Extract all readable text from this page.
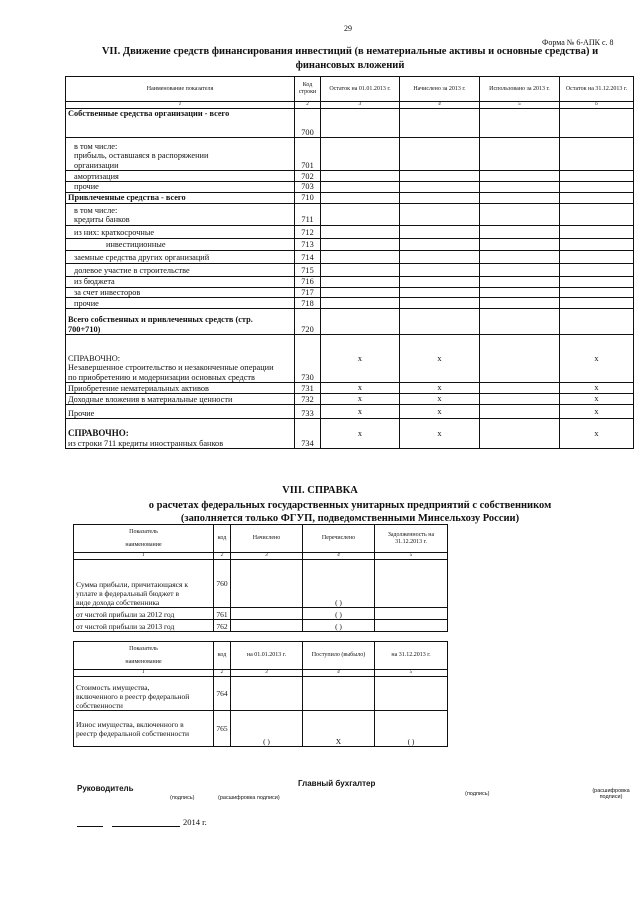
29
Форма № 6-АПК с. 8
VII. Движение средств финансирования инвестиций (в нематериальные активы и основные средства) и
финансовых вложений
Наименование показателя	Код строки	Остаток на 01.01.2013 г.	Начислено за 2013 г.	Использовано за 2013 г.	Остаток на 31.12.2013 г.
1	2	3	4	5	6
Собственные средства организации - всего	700				

в том числе:
прибыль, оставшаяся в распоряжении
организации	701				
амортизация	702				
прочие	703				
Привлеченные средства - всего	710				

в том числе:
кредиты банков	711				
из них: краткосрочные	712				
инвестиционные	713				
заемные средства других организаций	714				
долевое участие в строительстве	715				
из бюджета	716				
за счет инвесторов	717				
прочие	718				

Всего собственных и привлеченных средств (стр.
700+710)	720				

СПРАВОЧНО:
Незавершенное строительство и незаконченные операции
по приобретению и модернизации основных средств	730	x	x		x
Приобретение нематериальных активов	731	x	x		x
Доходные вложения в материальные ценности	732	x	x		x
Прочие	733	x	x		x

СПРАВОЧНО:
из строки 711 кредиты иностранных банков	734	x	x		x
VIII. СПРАВКА
о расчетах федеральных государственных унитарных предприятий с собственником
(заполняется только ФГУП, подведомственными Минсельхозу России)
Показатель
наименование	код	Начислено	Перечислено	Задолженность на 31.12.2013 г.
1	2	3	4	5

Сумма прибыли, причитающаяся к
уплате в федеральный бюджет в
виде дохода собственника	760		( )	
от чистой прибыли за 2012 год	761		( )	
от чистой прибыли за 2013 год	762		( )	
Показатель
наименование	код	на 01.01.2013 г.	Поступило (выбыло)	на 31.12.2013 г.
1	2	3	4	5

Стоимость имущества,
включенного в реестр федеральной
собственности	764			

Износ имущества, включенного в
реестр федеральной собственности	765	( )	X	( )
Руководитель
(подпись)	(расшифровка подписи)
Главный бухгалтер
(подпись)	(расшифровка
подписи)
2014 г.
